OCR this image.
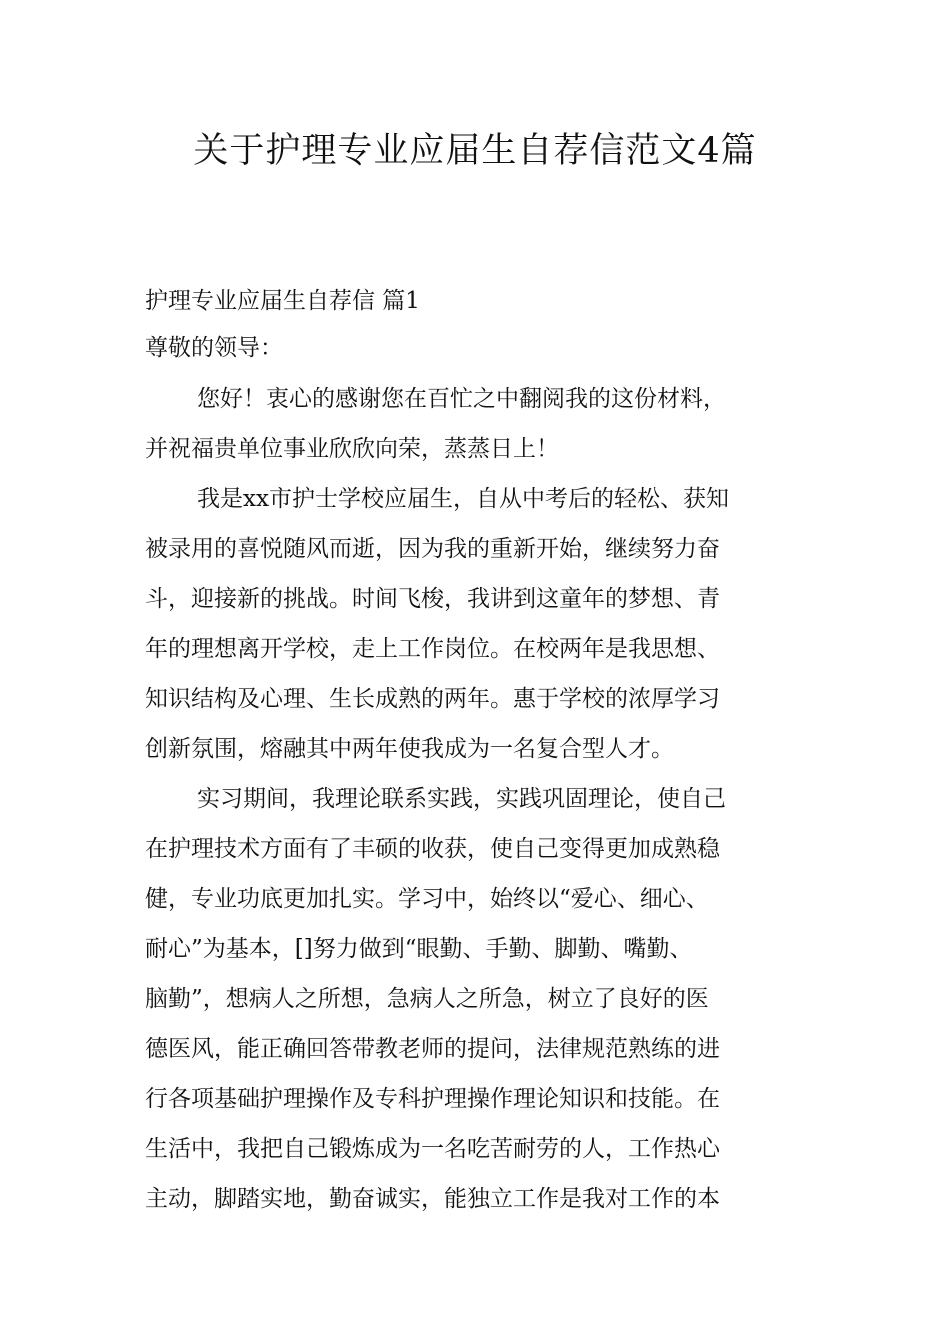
关于护理专业应届生自荐信范文4篇
护理专业应届生自荐信 篇1
尊敬的领导：
您好！衷心的感谢您在百忙之中翻阅我的这份材料，
并祝福贵单位事业欣欣向荣，蒸蒸日上！
我是xx市护士学校应届生，自从中考后的轻松、获知
被录用的喜悦随风而逝，因为我的重新开始，继续努力奋
斗，迎接新的挑战。时间飞梭，我讲到这童年的梦想、青
年的理想离开学校，走上工作岗位。在校两年是我思想、
知识结构及心理、生长成熟的两年。惠于学校的浓厚学习
创新氛围，熔融其中两年使我成为一名复合型人才。
实习期间，我理论联系实践，实践巩固理论，使自己
在护理技术方面有了丰硕的收获，使自己变得更加成熟稳
健，专业功底更加扎实。学习中，始终以“爱心、细心、
耐心”为基本，[]努力做到“眼勤、手勤、脚勤、嘴勤、
脑勤”，想病人之所想，急病人之所急，树立了良好的医
德医风，能正确回答带教老师的提问，法律规范熟练的进
行各项基础护理操作及专科护理操作理论知识和技能。在
生活中，我把自己锻炼成为一名吃苦耐劳的人，工作热心
主动，脚踏实地，勤奋诚实，能独立工作是我对工作的本
